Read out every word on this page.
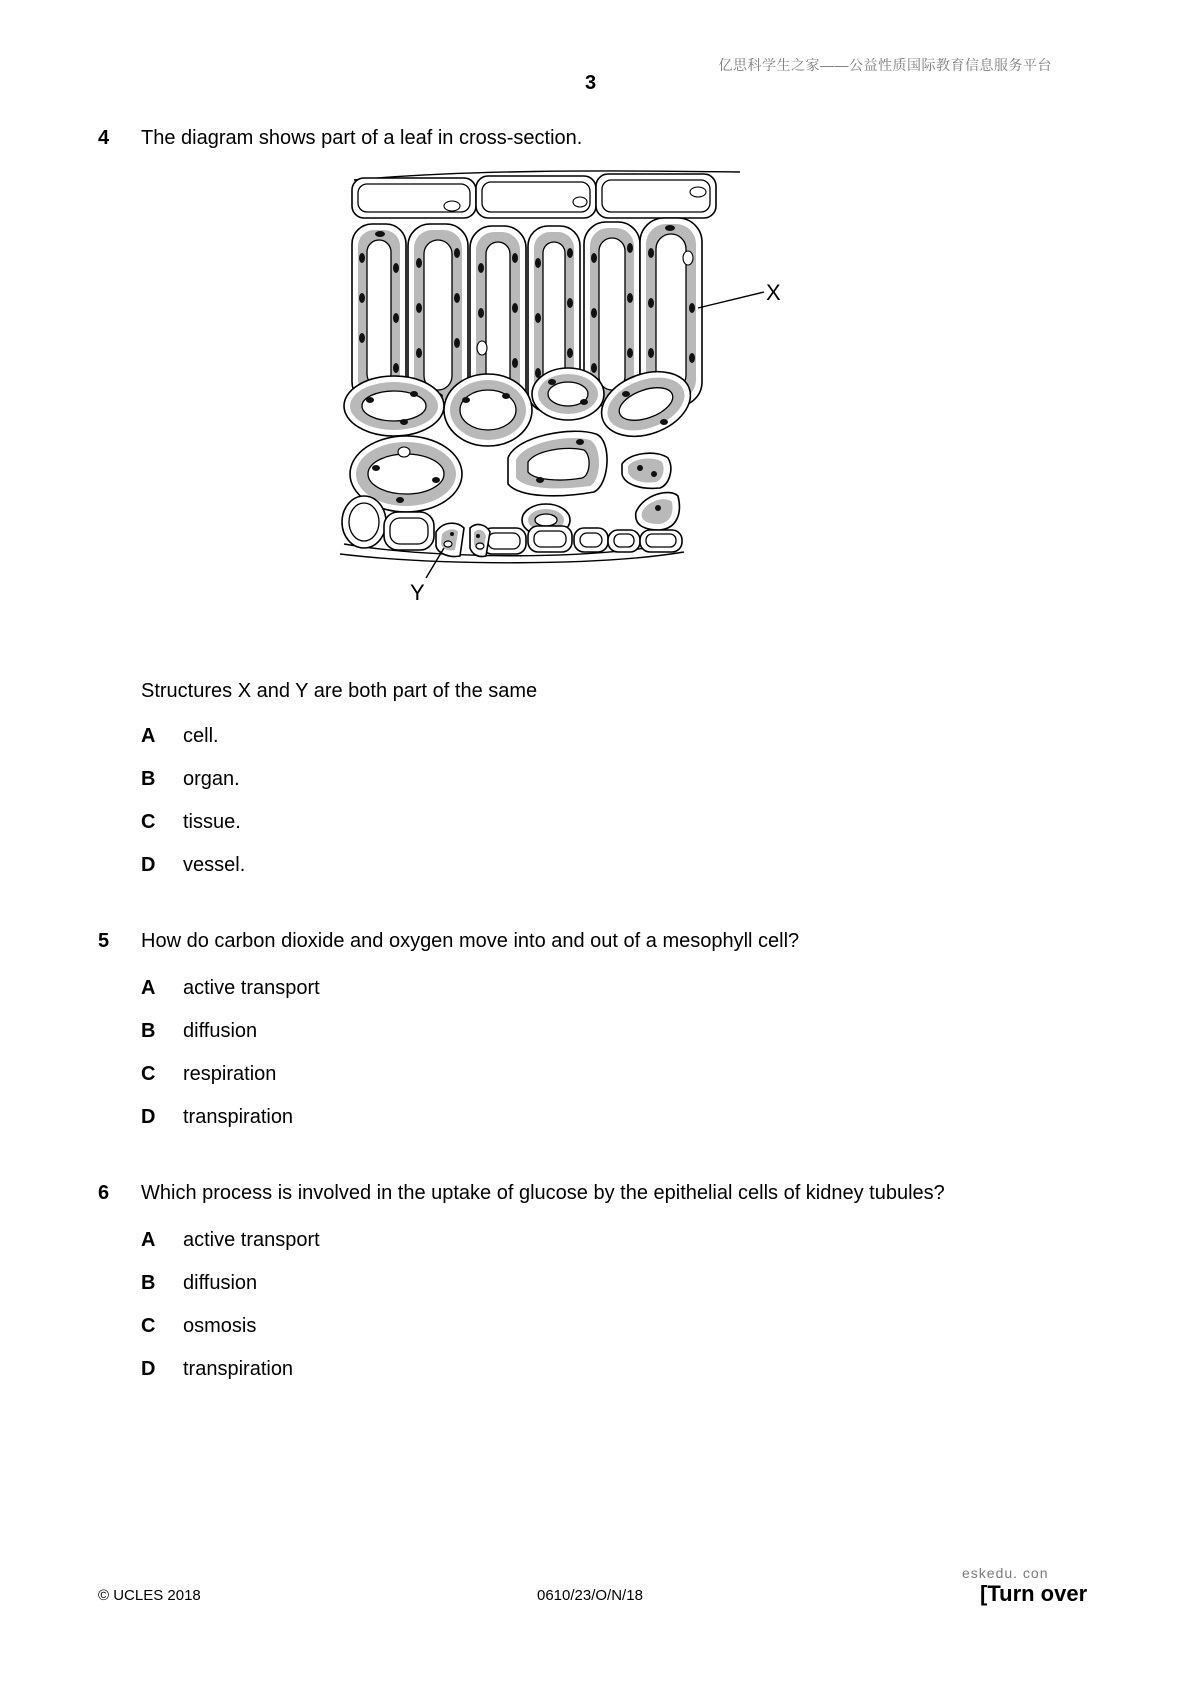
亿思科学生之家——公益性质国际教育信息服务平台
3
4 The diagram shows part of a leaf in cross-section.
X
Y
Structures X and Y are both part of the same
A cell.
B organ.
C tissue.
D vessel.
5 How do carbon dioxide and oxygen move into and out of a mesophyll cell?
A active transport
B diffusion
C respiration
D transpiration
6 Which process is involved in the uptake of glucose by the epithelial cells of kidney tubules?
A active transport
B diffusion
C osmosis
D transpiration
eskedu. con
© UCLES 2018	0610/23/O/N/18	[Turn over
